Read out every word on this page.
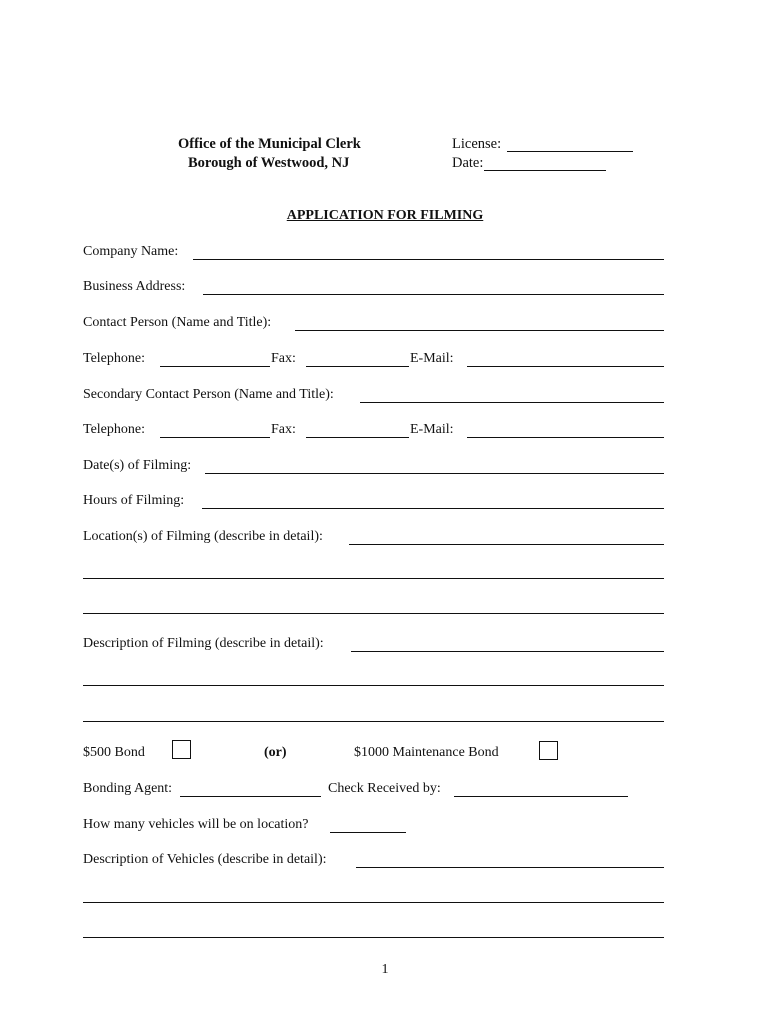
Office of the Municipal Clerk
Borough of Westwood, NJ
License:
Date:
APPLICATION FOR FILMING
Company Name:
Business Address:
Contact Person (Name and Title):
Telephone:	Fax:	E-Mail:
Secondary Contact Person (Name and Title):
Telephone:	Fax:	E-Mail:
Date(s) of Filming:
Hours of Filming:
Location(s) of Filming (describe in detail):
Description of Filming (describe in detail):
$500 Bond	(or)	$1000 Maintenance Bond
Bonding Agent:	Check Received by:
How many vehicles will be on location?
Description of Vehicles (describe in detail):
1
